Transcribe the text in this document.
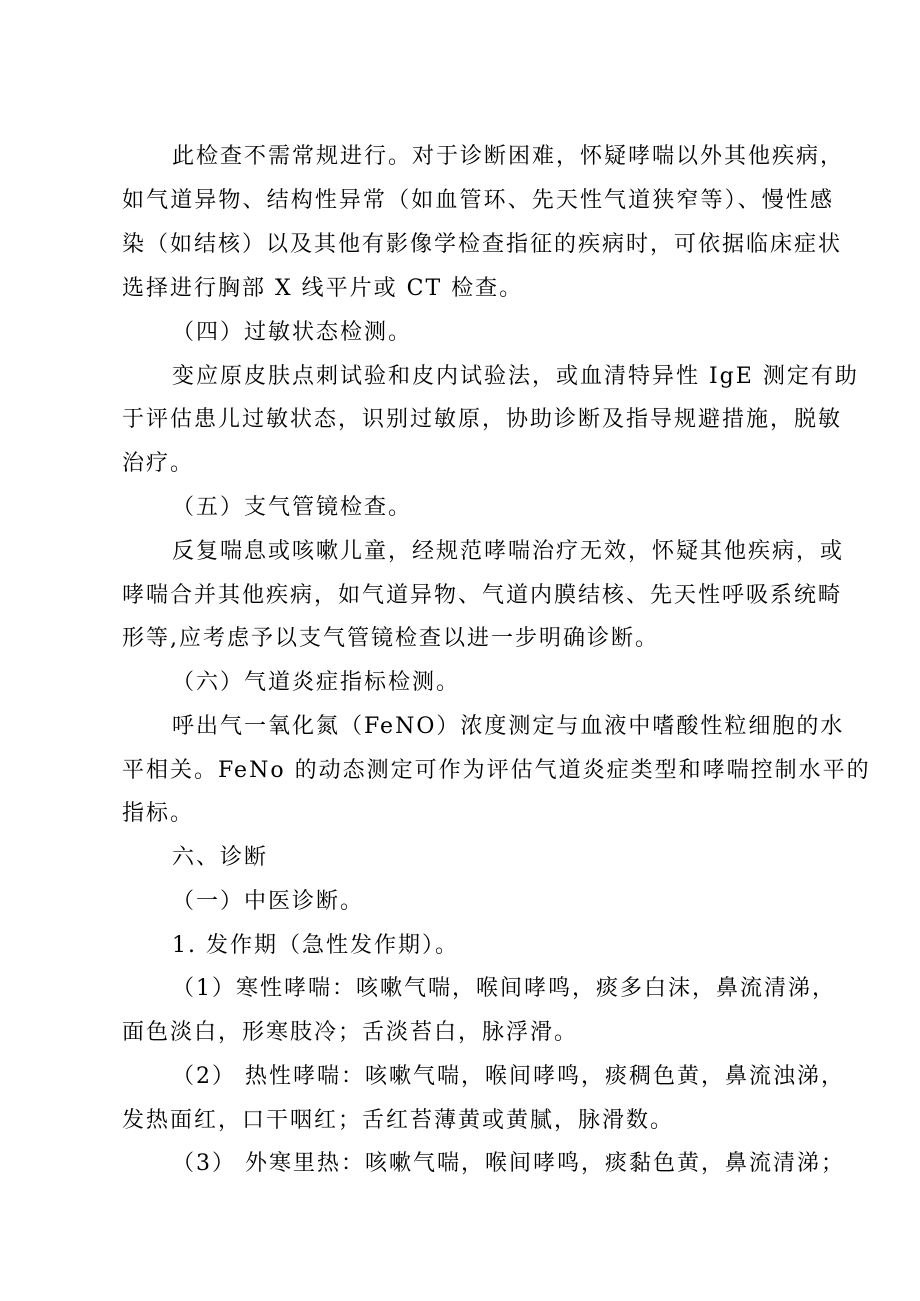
此检查不需常规进行。对于诊断困难，怀疑哮喘以外其他疾病，
如气道异物、结构性异常（如血管环、先天性气道狭窄等）、慢性感
染（如结核）以及其他有影像学检查指征的疾病时，可依据临床症状
选择进行胸部 X 线平片或 CT 检查。
（四）过敏状态检测。
变应原皮肤点刺试验和皮内试验法，或血清特异性 IgE 测定有助
于评估患儿过敏状态，识别过敏原，协助诊断及指导规避措施，脱敏
治疗。
（五）支气管镜检查。
反复喘息或咳嗽儿童，经规范哮喘治疗无效，怀疑其他疾病，或
哮喘合并其他疾病，如气道异物、气道内膜结核、先天性呼吸系统畸
形等,应考虑予以支气管镜检查以进一步明确诊断。
（六）气道炎症指标检测。
呼出气一氧化氮（FeNO）浓度测定与血液中嗜酸性粒细胞的水
平相关。FeNo 的动态测定可作为评估气道炎症类型和哮喘控制水平的
指标。
六、诊断
（一）中医诊断。
1. 发作期（急性发作期）。
（1）寒性哮喘：咳嗽气喘，喉间哮鸣，痰多白沫，鼻流清涕，
面色淡白，形寒肢冷；舌淡苔白，脉浮滑。
（2） 热性哮喘：咳嗽气喘，喉间哮鸣，痰稠色黄，鼻流浊涕，
发热面红，口干咽红；舌红苔薄黄或黄腻，脉滑数。
（3） 外寒里热：咳嗽气喘，喉间哮鸣，痰黏色黄，鼻流清涕；
